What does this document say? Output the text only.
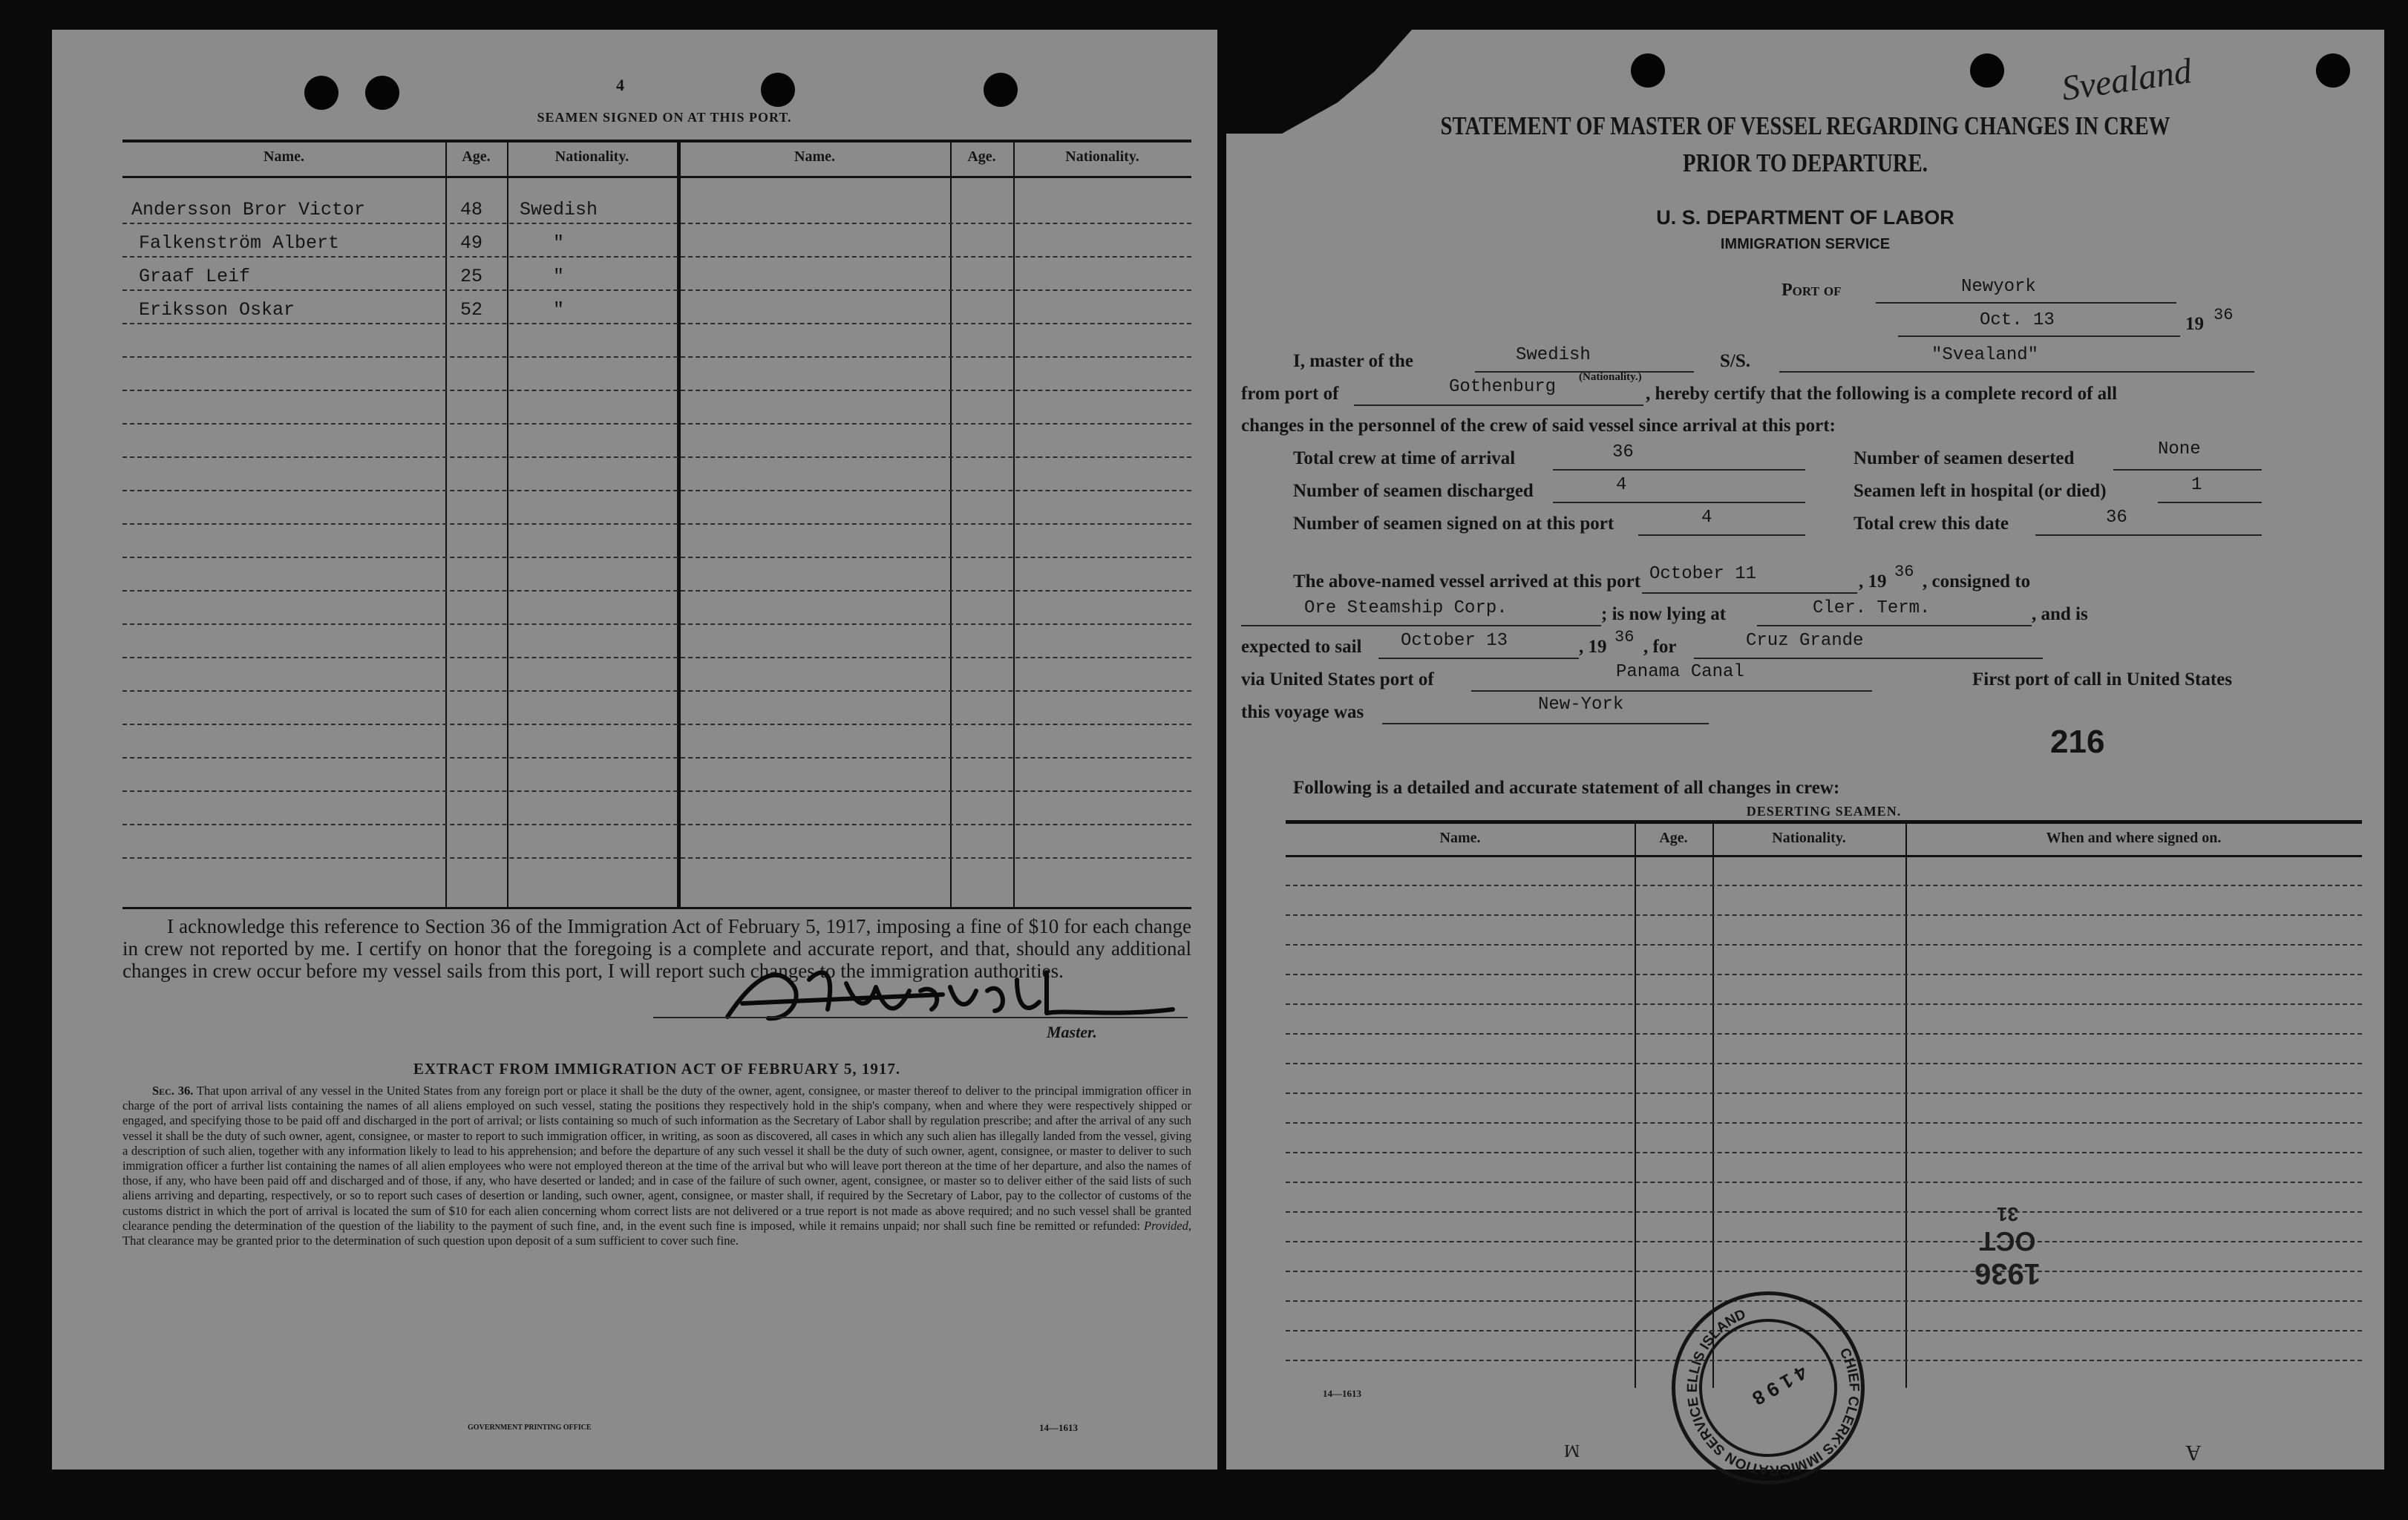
4
SEAMEN SIGNED ON AT THIS PORT.
Name.	Age.	Nationality.	Name.	Age.	Nationality.
Andersson Bror Victor	48 Swedish
Falkenström Albert	49	"
Graaf Leif	25	"
Eriksson Oskar	52	"
I acknowledge this reference to Section 36 of the Immigration Act of February 5, 1917, imposing a fine of $10 for each change in crew not reported by me. I certify on honor that the foregoing is a complete and accurate report, and that, should any additional changes in crew occur before my vessel sails from this port, I will report such changes to the immigration authorities.
Master.
EXTRACT FROM IMMIGRATION ACT OF FEBRUARY 5, 1917.
Sec. 36. That upon arrival of any vessel in the United States from any foreign port or place it shall be the duty of the owner, agent, consignee, or master thereof to deliver to the principal immigration officer in charge of the port of arrival lists containing the names of all aliens employed on such vessel, stating the positions they respectively hold in the ship's company, when and where they were respectively shipped or engaged, and specifying those to be paid off and discharged in the port of arrival; or lists containing so much of such information as the Secretary of Labor shall by regulation prescribe; and after the arrival of any such vessel it shall be the duty of such owner, agent, consignee, or master to report to such immigration officer, in writing, as soon as discovered, all cases in which any such alien has illegally landed from the vessel, giving a description of such alien, together with any information likely to lead to his apprehension; and before the departure of any such vessel it shall be the duty of such owner, agent, consignee, or master to deliver to such immigration officer a further list containing the names of all alien employees who were not employed thereon at the time of the arrival but who will leave port thereon at the time of her departure, and also the names of those, if any, who have been paid off and discharged and of those, if any, who have deserted or landed; and in case of the failure of such owner, agent, consignee, or master so to deliver either of the said lists of such aliens arriving and departing, respectively, or so to report such cases of desertion or landing, such owner, agent, consignee, or master shall, if required by the Secretary of Labor, pay to the collector of customs of the customs district in which the port of arrival is located the sum of $10 for each alien concerning whom correct lists are not delivered or a true report is not made as above required; and no such vessel shall be granted clearance pending the determination of the question of the liability to the payment of such fine, and, in the event such fine is imposed, while it remains unpaid; nor shall such fine be remitted or refunded: Provided, That clearance may be granted prior to the determination of such question upon deposit of a sum sufficient to cover such fine.
GOVERNMENT PRINTING OFFICE	14—1613
Svealand
STATEMENT OF MASTER OF VESSEL REGARDING CHANGES IN CREW
PRIOR TO DEPARTURE.
U. S. DEPARTMENT OF LABOR
IMMIGRATION SERVICE
Port of	Newyork
Oct. 13	19 36
I, master of the	Swedish
(Nationality.)
S/S.	"Svealand"
from port of	Gothenburg	, hereby certify that the following is a complete record of all
changes in the personnel of the crew of said vessel since arrival at this port:
Total crew at time of arrival	36
Number of seamen discharged	4
Number of seamen signed on at this port	4
Number of seamen deserted	None
Seamen left in hospital (or died)	1
Total crew this date	36
The above-named vessel arrived at this port October 11	, 19 36 , consigned to
Ore Steamship Corp.	; is now lying at	Cler. Term.	, and is
expected to sail October 13	, 19 36 , for	Cruz Grande
via United States port of	Panama Canal	First port of call in United States
this voyage was	New-York
216
Following is a detailed and accurate statement of all changes in crew:
DESERTING SEAMEN.
Name.	Age.	Nationality.	When and where signed on.
14—1613
1936
OCT
31
CHIEF CLERK'S IMMIGRATION SERVICE ELLIS ISLAND
4 1 9 8
A
M
